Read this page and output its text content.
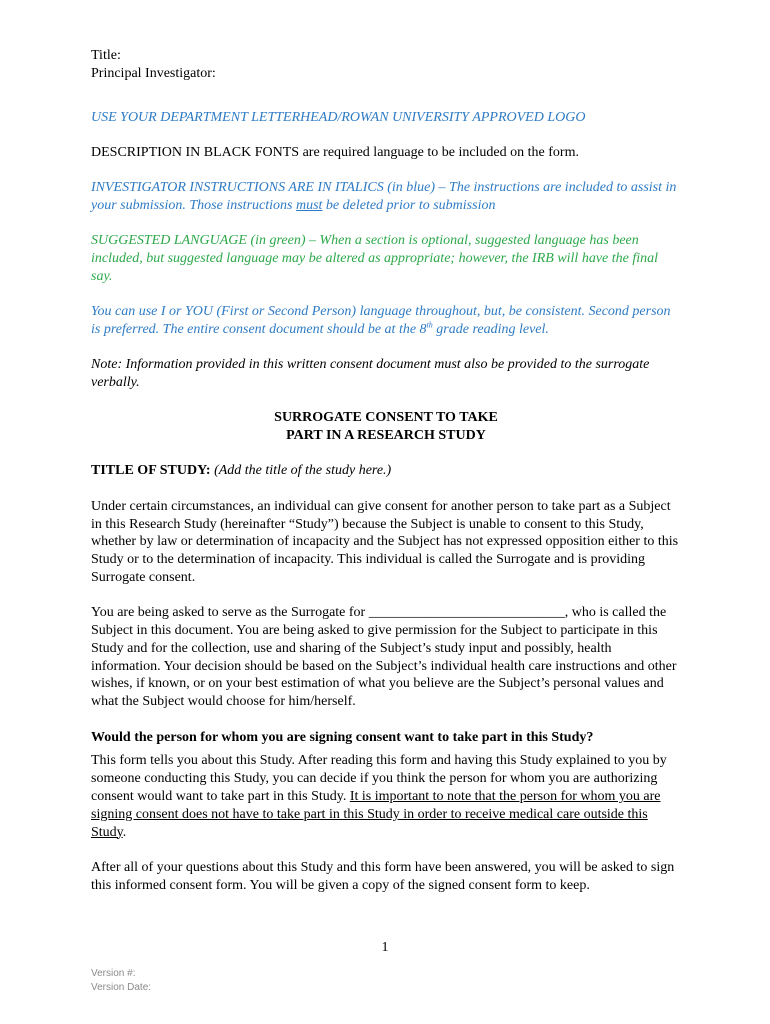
Title:

Principal Investigator:

USE YOUR DEPARTMENT LETTERHEAD/ROWAN UNIVERSITY APPROVED LOGO

DESCRIPTION IN BLACK FONTS are required language to be included on the form.

INVESTIGATOR INSTRUCTIONS ARE IN ITALICS (in blue) – The instructions are included to assist in your submission. Those instructions must be deleted prior to submission

SUGGESTED LANGUAGE (in green) – When a section is optional, suggested language has been included, but suggested language may be altered as appropriate; however, the IRB will have the final say.

You can use I or YOU (First or Second Person) language throughout, but, be consistent. Second person is preferred. The entire consent document should be at the 8th grade reading level.

Note: Information provided in this written consent document must also be provided to the surrogate verbally.

SURROGATE CONSENT TO TAKE

PART IN A RESEARCH STUDY

TITLE OF STUDY: (Add the title of the study here.)

Under certain circumstances, an individual can give consent for another person to take part as a Subject in this Research Study (hereinafter “Study”) because the Subject is unable to consent to this Study, whether by law or determination of incapacity and the Subject has not expressed opposition either to this Study or to the determination of incapacity. This individual is called the Surrogate and is providing Surrogate consent.

You are being asked to serve as the Surrogate for ____________________________, who is called the Subject in this document. You are being asked to give permission for the Subject to participate in this Study and for the collection, use and sharing of the Subject’s study input and possibly, health information. Your decision should be based on the Subject’s individual health care instructions and other wishes, if known, or on your best estimation of what you believe are the Subject’s personal values and what the Subject would choose for him/herself.

Would the person for whom you are signing consent want to take part in this Study?

This form tells you about this Study. After reading this form and having this Study explained to you by someone conducting this Study, you can decide if you think the person for whom you are authorizing consent would want to take part in this Study. It is important to note that the person for whom you are signing consent does not have to take part in this Study in order to receive medical care outside this Study.

After all of your questions about this Study and this form have been answered, you will be asked to sign this informed consent form. You will be given a copy of the signed consent form to keep.

1
Version #:
Version Date:
